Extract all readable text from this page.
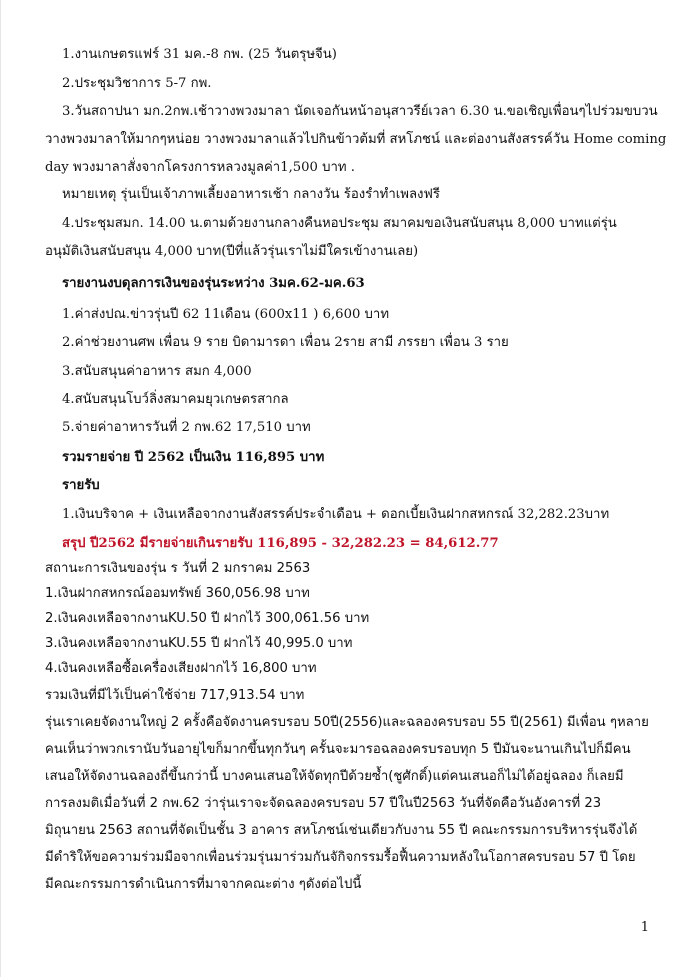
1.งานเกษตรแฟร์ 31 มค.-8 กพ. (25 วันตรุษจีน)
2.ประชุมวิชาการ 5-7 กพ.
3.วันสถาปนา มก.2กพ.เช้าวางพวงมาลา นัดเจอกันหน้าอนุสาวรีย์เวลา 6.30 น.ขอเชิญเพื่อนๆไปร่วมขบวน
วางพวงมาลาให้มากๆหน่อย วางพวงมาลาแล้วไปกินข้าวต้มที่ สหโภชน์ และต่องานสังสรรค์วัน Home coming
day พวงมาลาสั่งจากโครงการหลวงมูลค่า1,500 บาท .
หมายเหตุ รุ่นเป็นเจ้าภาพเลี้ยงอาหารเช้า กลางวัน ร้องรำทำเพลงฟรี
4.ประชุมสมก. 14.00 น.ตามด้วยงานกลางคืนหอประชุม สมาคมขอเงินสนับสนุน 8,000 บาทแต่รุ่น
อนุมัติเงินสนับสนุน 4,000 บาท(ปีที่แล้วรุ่นเราไม่มีใครเข้างานเลย)
รายงานงบดุลการเงินของรุ่นระหว่าง 3มค.62-มค.63
1.ค่าส่งปณ.ข่าวรุ่นปี 62 11เดือน (600x11 ) 6,600 บาท
2.ค่าช่วยงานศพ เพื่อน 9 ราย บิดามารดา เพื่อน 2ราย สามี ภรรยา เพื่อน 3 ราย
3.สนับสนุนค่าอาหาร สมก 4,000
4.สนับสนุนโบว์ลิ่งสมาคมยุวเกษตรสากล
5.จ่ายค่าอาหารวันที่ 2 กพ.62 17,510 บาท
รวมรายจ่าย ปี 2562 เป็นเงิน 116,895 บาท
รายรับ
1.เงินบริจาค + เงินเหลือจากงานสังสรรค์ประจำเดือน + ดอกเบี้ยเงินฝากสหกรณ์ 32,282.23บาท
สรุป ปี2562 มีรายจ่ายเกินรายรับ 116,895 - 32,282.23 = 84,612.77
สถานะการเงินของรุ่น ร วันที่ 2 มกราคม 2563
1.เงินฝากสหกรณ์ออมทรัพย์ 360,056.98 บาท
2.เงินคงเหลือจากงานKU.50 ปี ฝากไว้ 300,061.56 บาท
3.เงินคงเหลือจากงานKU.55 ปี ฝากไว้ 40,995.0 บาท
4.เงินคงเหลือซื้อเครื่องเสียงฝากไว้ 16,800 บาท
รวมเงินที่มีไว้เป็นค่าใช้จ่าย 717,913.54 บาท
รุ่นเราเคยจัดงานใหญ่ 2 ครั้งคือจัดงานครบรอบ 50ปี(2556)และฉลองครบรอบ 55 ปี(2561) มีเพื่อน ๆหลาย
คนเห็นว่าพวกเรานับวันอายุไขก็มากขึ้นทุกวันๆ ครั้นจะมารอฉลองครบรอบทุก 5 ปีมันจะนานเกินไปก็มีคน
เสนอให้จัดงานฉลองถี่ขึ้นกว่านี้ บางคนเสนอให้จัดทุกปีด้วยซ้ำ(ชูศักดิ์)แต่คนเสนอก็ไม่ได้อยู่ฉลอง ก็เลยมี
การลงมติเมื่อวันที่ 2 กพ.62 ว่ารุ่นเราจะจัดฉลองครบรอบ 57 ปีในปี2563 วันที่จัดคือวันอังคารที่ 23
มิถุนายน 2563 สถานที่จัดเป็นชั้น 3 อาคาร สหโภชน์เช่นเดียวกับงาน 55 ปี คณะกรรมการบริหารรุ่นจึงได้
มีดำริให้ขอความร่วมมือจากเพื่อนร่วมรุ่นมาร่วมกันจักิจกรรมรื้อฟื้นความหลังในโอกาสครบรอบ 57 ปี โดย
มีคณะกรรมการดำเนินการที่มาจากคณะต่าง ๆดังต่อไปนี้
1
